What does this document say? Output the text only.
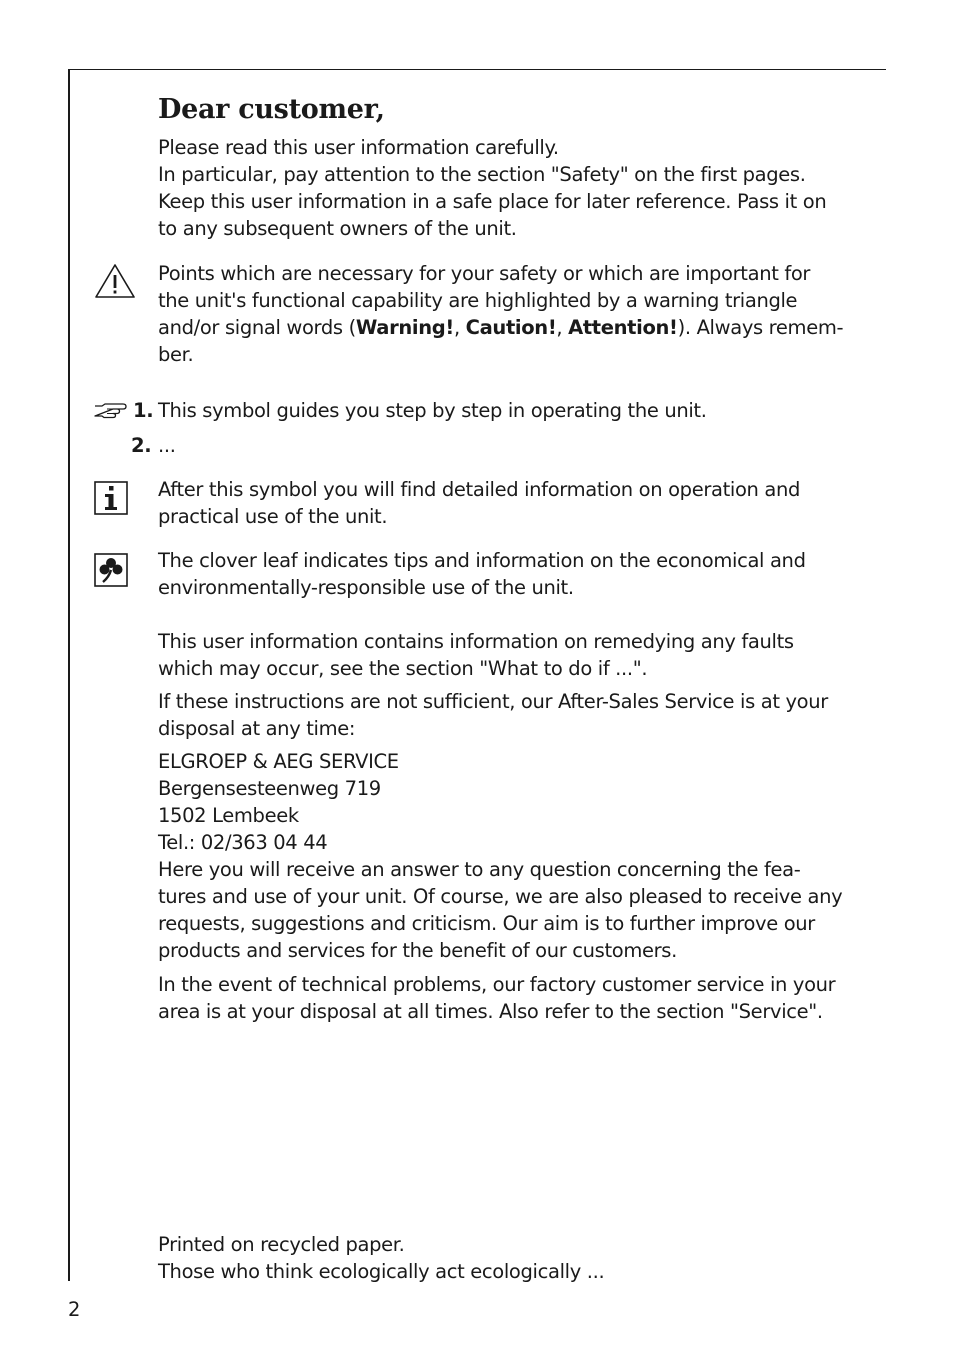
Dear customer,
Please read this user information carefully.
In particular, pay attention to the section "Safety" on the first pages.
Keep this user information in a safe place for later reference. Pass it on
to any subsequent owners of the unit.
Points which are necessary for your safety or which are important for
the unit's functional capability are highlighted by a warning triangle
and/or signal words (Warning!, Caution!, Attention!). Always remem-
ber.
1. This symbol guides you step by step in operating the unit.
2. ...
After this symbol you will find detailed information on operation and
practical use of the unit.
The clover leaf indicates tips and information on the economical and
environmentally-responsible use of the unit.
This user information contains information on remedying any faults
which may occur, see the section "What to do if ...".
If these instructions are not sufficient, our After-Sales Service is at your
disposal at any time:
ELGROEP & AEG SERVICE
Bergensesteenweg 719
1502 Lembeek
Tel.: 02/363 04 44
Here you will receive an answer to any question concerning the fea-
tures and use of your unit. Of course, we are also pleased to receive any
requests, suggestions and criticism. Our aim is to further improve our
products and services for the benefit of our customers.
In the event of technical problems, our factory customer service in your
area is at your disposal at all times. Also refer to the section "Service".
Printed on recycled paper.
Those who think ecologically act ecologically ...
2
